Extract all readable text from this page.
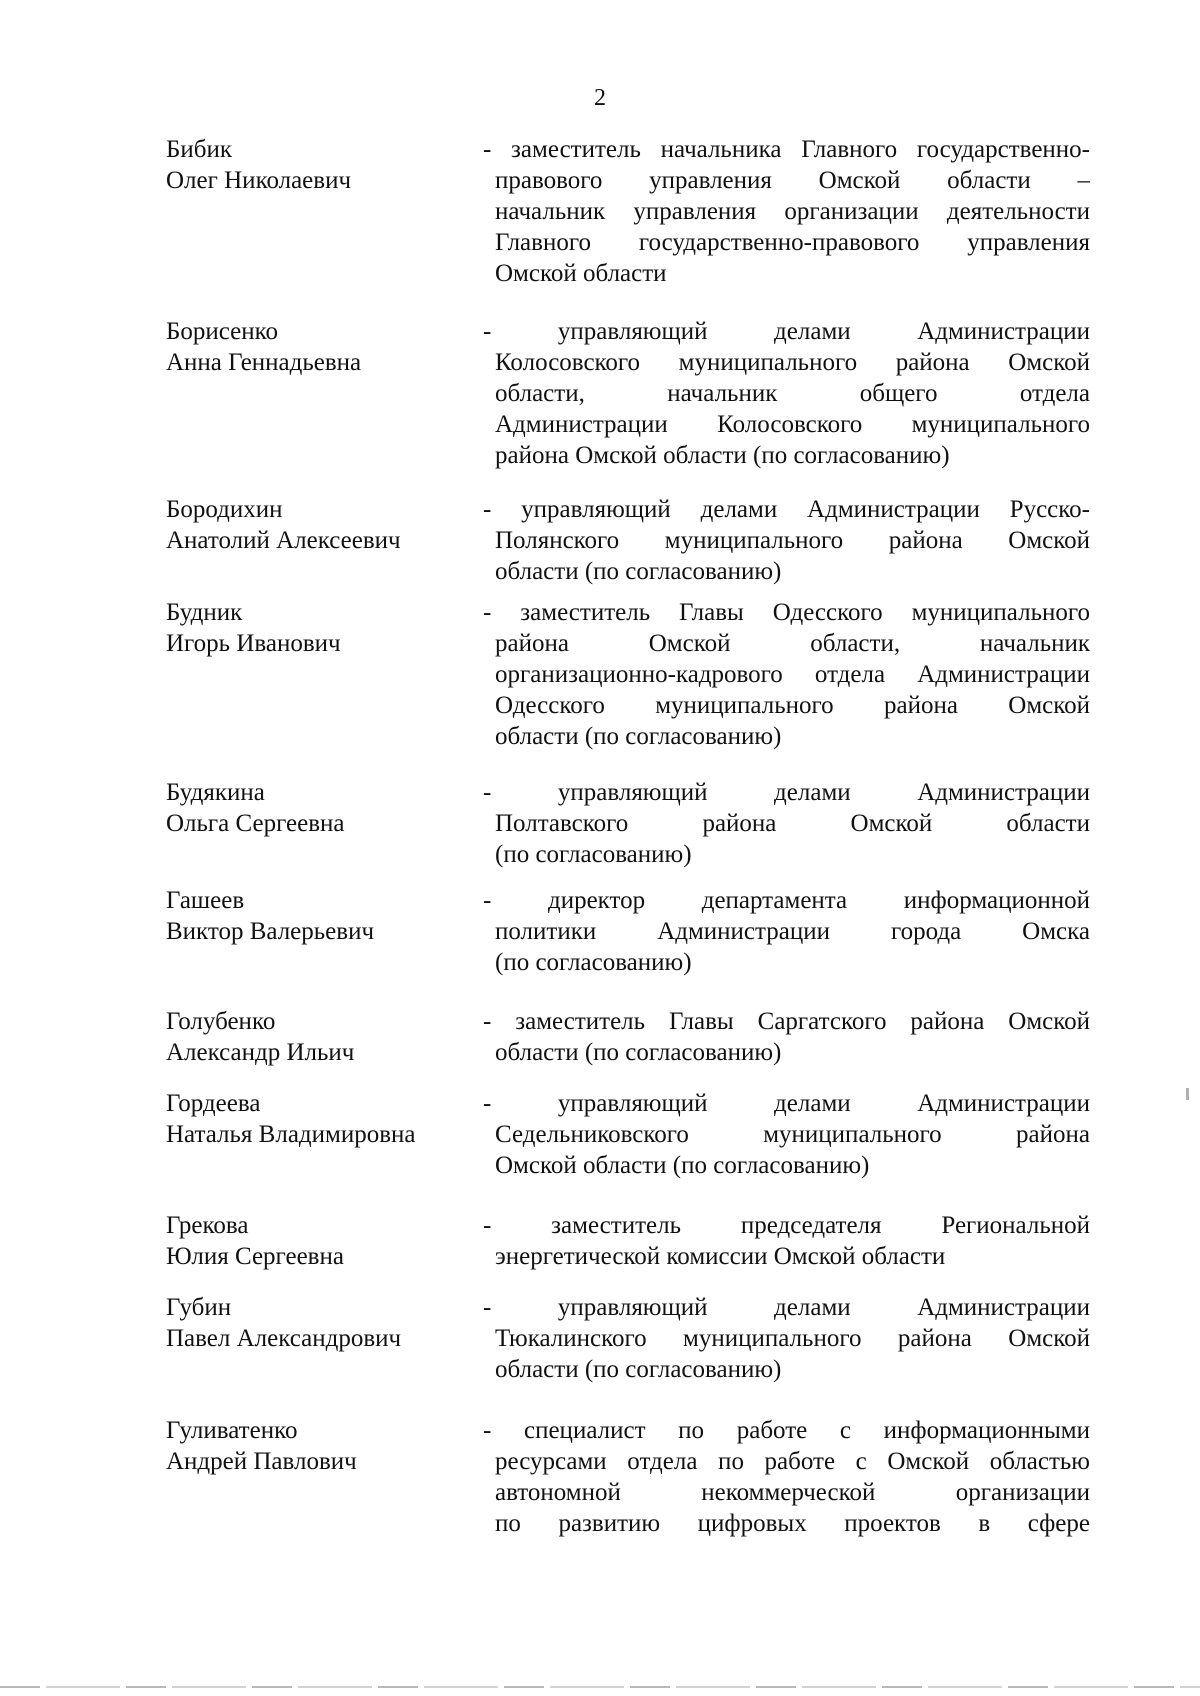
2
Бибик
Олег Николаевич
- заместитель начальника Главного государственно-
правового управления Омской области –
начальник управления организации деятельности
Главного государственно-правового управления
Омской области
Борисенко
Анна Геннадьевна
- управляющий делами Администрации
Колосовского муниципального района Омской
области, начальник общего отдела
Администрации Колосовского муниципального
района Омской области (по согласованию)
Бородихин
Анатолий Алексеевич
- управляющий делами Администрации Русско-
Полянского муниципального района Омской
области (по согласованию)
Будник
Игорь Иванович
- заместитель Главы Одесского муниципального
района Омской области, начальник
организационно-кадрового отдела Администрации
Одесского муниципального района Омской
области (по согласованию)
Будякина
Ольга Сергеевна
- управляющий делами Администрации
Полтавского района Омской области
(по согласованию)
Гашеев
Виктор Валерьевич
- директор департамента информационной
политики Администрации города Омска
(по согласованию)
Голубенко
Александр Ильич
- заместитель Главы Саргатского района Омской
области (по согласованию)
Гордеева
Наталья Владимировна
- управляющий делами Администрации
Седельниковского муниципального района
Омской области (по согласованию)
Грекова
Юлия Сергеевна
- заместитель председателя Региональной
энергетической комиссии Омской области
Губин
Павел Александрович
- управляющий делами Администрации
Тюкалинского муниципального района Омской
области (по согласованию)
Гуливатенко
Андрей Павлович
- специалист по работе с информационными
ресурсами отдела по работе с Омской областью
автономной некоммерческой организации
по развитию цифровых проектов в сфере
